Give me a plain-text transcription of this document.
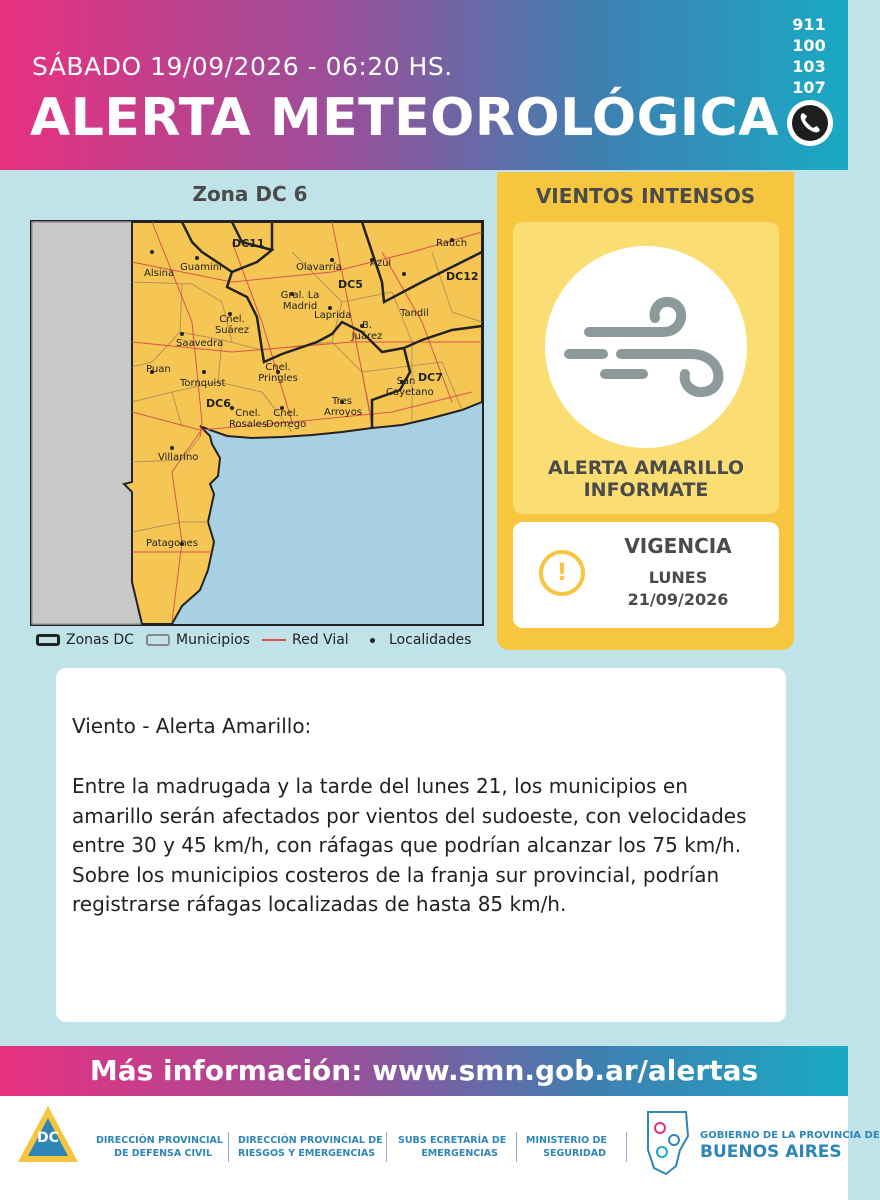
SÁBADO 19/09/2026 - 06:20 HS.
ALERTA METEOROLÓGICA
911
100
103
107
Zona DC 6
DC11
DC5
DC12
DC6
DC7
Alsina
Guamini	Olavarría	Azul
Rauch
Gral. La Madrid
Laprida	Tandil
Cnel. Suárez
Saavedra
B. Juárez
Puan
Tornquist
Cnel. Pringles	San Cayetano
Cnel. Rosales
Cnel. Dorrego
Tres Arroyos
Villarino
Patagones
Zonas DC	Municipios	Red Vial	Localidades
VIENTOS INTENSOS
ALERTA AMARILLO
INFORMATE
!
VIGENCIA
LUNES
21/09/2026
Viento - Alerta Amarillo:
Entre la madrugada y la tarde del lunes 21, los municipios en amarillo serán afectados por vientos del sudoeste, con velocidades entre 30 y 45 km/h, con ráfagas que podrían alcanzar los 75 km/h. Sobre los municipios costeros de la franja sur provincial, podrían registrarse ráfagas localizadas de hasta 85 km/h.
Más información: www.smn.gob.ar/alertas
DC	DIRECCIÓN PROVINCIAL
DE DEFENSA CIVIL
DIRECCIÓN PROVINCIAL DE
RIESGOS Y EMERGENCIAS
SUBS ECRETARÍA DE
EMERGENCIAS
MINISTERIO DE
SEGURIDAD
GOBIERNO DE LA PROVINCIA DE
BUENOS AIRES
